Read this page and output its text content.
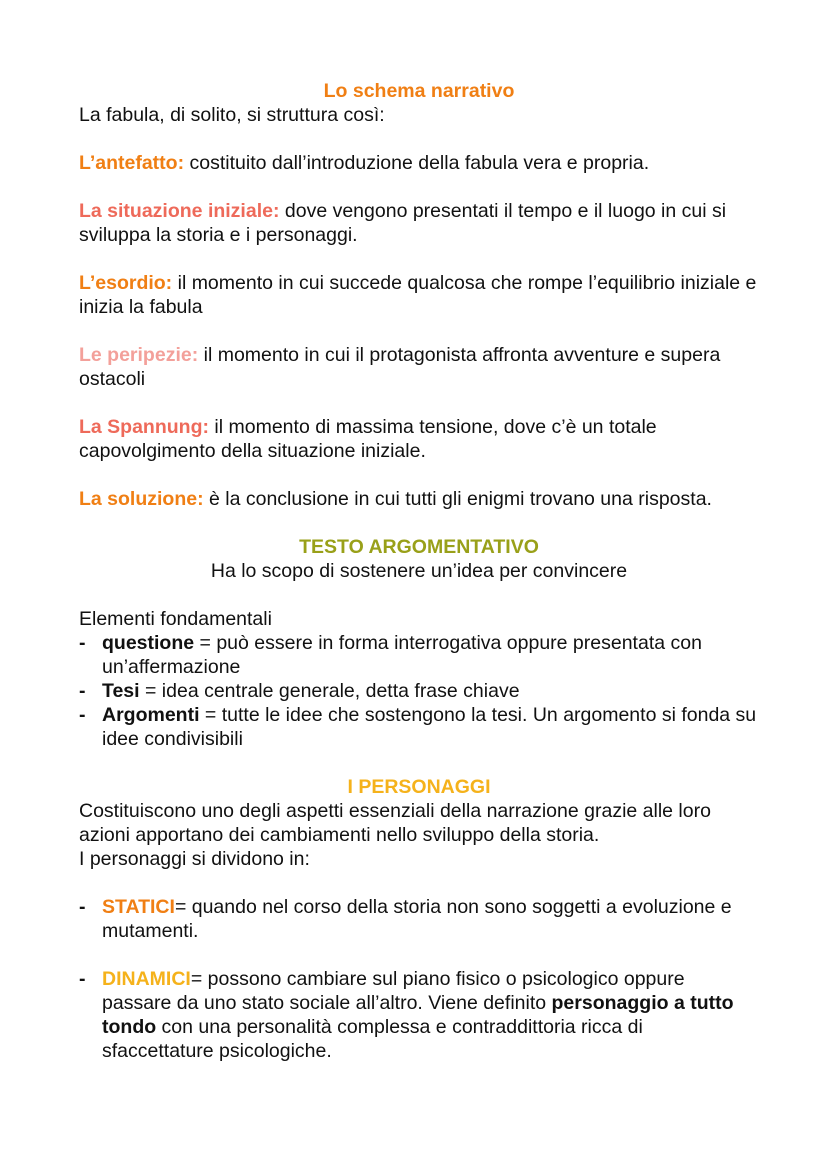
Lo schema narrativo

La fabula, di solito, si struttura così:

L’antefatto: costituito dall’introduzione della fabula vera e propria.

La situazione iniziale: dove vengono presentati il tempo e il luogo in cui si sviluppa la storia e i personaggi.

L’esordio: il momento in cui succede qualcosa che rompe l’equilibrio iniziale e inizia la fabula

Le peripezie: il momento in cui il protagonista affronta avventure e supera ostacoli

La Spannung: il momento di massima tensione, dove c’è un totale capovolgimento della situazione iniziale.

La soluzione: è la conclusione in cui tutti gli enigmi trovano una risposta.

TESTO ARGOMENTATIVO

Ha lo scopo di sostenere un’idea per convincere

Elementi fondamentali

- questione = può essere in forma interrogativa oppure presentata con un’affermazione
- Tesi = idea centrale generale, detta frase chiave
- Argomenti = tutte le idee che sostengono la tesi. Un argomento si fonda su idee condivisibili

I PERSONAGGI

Costituiscono uno degli aspetti essenziali della narrazione grazie alle loro azioni apportano dei cambiamenti nello sviluppo della storia.

I personaggi si dividono in:

- STATICI= quando nel corso della storia non sono soggetti a evoluzione e mutamenti.
- DINAMICI= possono cambiare sul piano fisico o psicologico oppure passare da uno stato sociale all’altro. Viene definito personaggio a tutto tondo con una personalità complessa e contraddittoria ricca di sfaccettature psicologiche.
